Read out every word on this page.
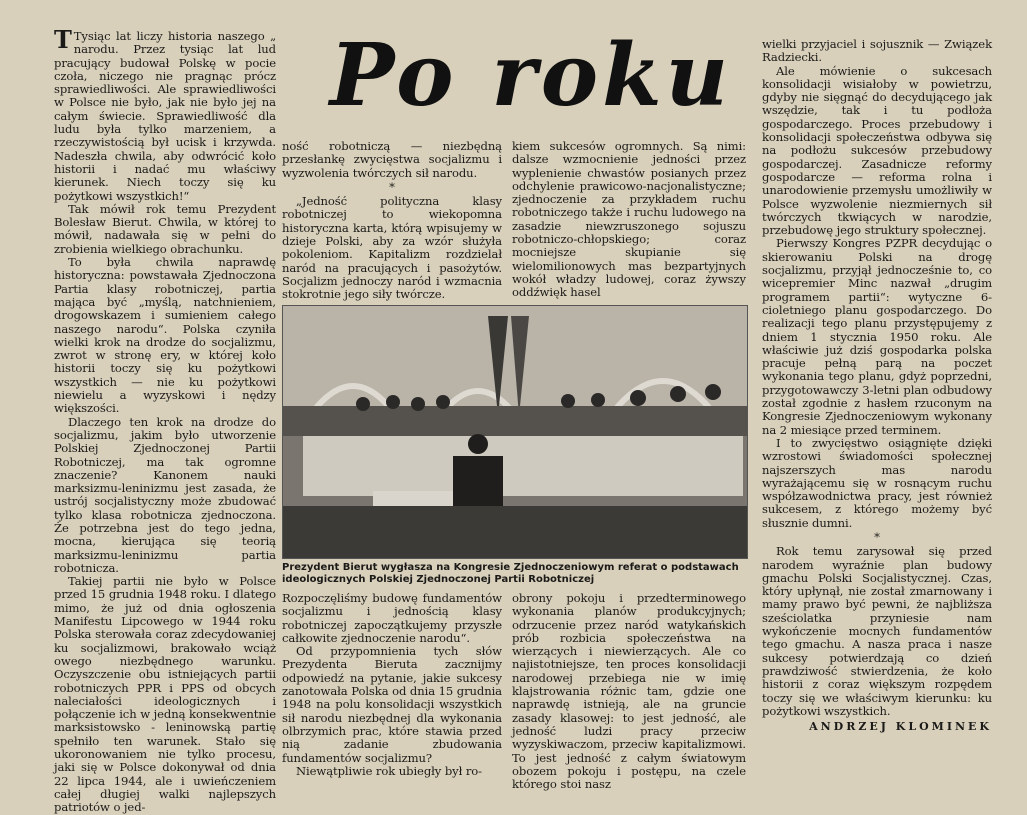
Po roku

T Tysiąc lat liczy historia naszego „ narodu. Przez tysiąc lat lud pracujący budował Polskę w pocie czoła, niczego nie pragnąc prócz sprawiedliwości. Ale sprawiedliwości w Polsce nie było, jak nie było jej na całym świecie. Sprawiedliwość dla ludu była tylko marzeniem, a rzeczywistością był ucisk i krzywda. Nadeszła chwila, aby odwrócić koło historii i nadać mu właściwy kierunek. Niech toczy się ku pożytkowi wszystkich!“

Tak mówił rok temu Prezydent Bolesław Bierut. Chwila, w której to mówił, nadawała się w pełni do zrobienia wielkiego obrachunku.

To była chwila naprawdę historyczna: powstawała Zjednoczona Partia klasy robotniczej, partia mająca być „myślą, natchnieniem, drogowskazem i sumieniem całego naszego narodu“. Polska czyniła wielki krok na drodze do socjalizmu, zwrot w stronę ery, w której koło historii toczy się ku pożytkowi wszystkich — nie ku pożytkowi niewielu a wyzyskowi i nędzy większości.

Dlaczego ten krok na drodze do socjalizmu, jakim było utworzenie Polskiej Zjednoczonej Partii Robotniczej, ma tak ogromne znaczenie? Kanonem nauki marksizmu-leninizmu jest zasada, że ustrój socjalistyczny może zbudować tylko klasa robotnicza zjednoczona. Że potrzebna jest do tego jedna, mocna, kierująca się teorią marksizmu-leninizmu partia robotnicza.

Takiej partii nie było w Polsce przed 15 grudnia 1948 roku. I dlatego mimo, że już od dnia ogłoszenia Manifestu Lipcowego w 1944 roku Polska sterowała coraz zdecydowaniej ku socjalizmowi, brakowało wciąż owego niezbędnego warunku. Oczyszczenie obu istniejących partii robotniczych PPR i PPS od obcych naleciałości ideologicznych i połączenie ich w jedną konsekwentnie marksistowsko - leninowską partię spełniło ten warunek. Stało się ukoronowaniem nie tylko procesu, jaki się w Polsce dokonywał od dnia 22 lipca 1944, ale i uwieńczeniem całej długiej walki najlepszych patriotów o jed-

ność robotniczą — niezbędną przesłankę zwycięstwa socjalizmu i wyzwolenia twórczych sił narodu.

*

„Jedność polityczna klasy robotniczej to wiekopomna historyczna karta, którą wpisujemy w dziejе Polski, aby za wzór służyła pokoleniom. Kapitalizm rozdzielał naród na pracujących i pasożytów. Socjalizm jednoczy naród i wzmacnia stokrotnie jego siły twórcze.

kiem sukcesów ogromnych. Są nimi: dalsze wzmocnienie jedności przez wyplenienie chwastów posianych przez odchylenie prawicowo-nacjonalistyczne; zjednoczenie za przykładem ruchu robotniczego także i ruchu ludowego na zasadzie niewzruszonego sojuszu robotniczo-chłopskiego; coraz mocniejsze skupianie się wielomilionowych mas bezpartyjnych wokół władzy ludowej, coraz żywszy oddźwięk hasel

Prezydent Bierut wygłasza na Kongresie Zjednoczeniowym referat o podstawach ideologicznych Polskiej Zjednoczonej Partii Robotniczej

Rozpoczęliśmy budowę fundamentów socjalizmu i jednością klasy robotniczej zapoczątkujemy przyszłe całkowite zjednoczenie narodu“.

Od przypomnienia tych słów Prezydenta Bieruta zacznijmy odpowiedź na pytanie, jakie sukcesy zanotowała Polska od dnia 15 grudnia 1948 na polu konsolidacji wszystkich sił narodu niezbędnej dla wykonania olbrzymich prac, które stawia przed nią zadanie zbudowania fundamentów socjalizmu?

Niewątpliwie rok ubiegły był ro-

obrony pokoju i przedterminowego wykonania planów produkcyjnych; odrzucenie przez naród watykańskich prób rozbicia społeczeństwa na wierzących i niewierzących. Ale co najistotniejsze, ten proces konsolidacji narodowej przebiega nie w imię klajstrowania różnic tam, gdzie one naprawdę istnieją, ale na gruncie zasady klasowej: to jest jedność, ale jedność ludzi pracy przeciw wyzyskiwaczom, przeciw kapitalizmowi. To jest jedność z całym światowym obozem pokoju i postępu, na czele którego stoi nasz

wielki przyjaciel i sojusznik — Związek Radziecki.

Ale mówienie o sukcesach konsolidacji wisiałoby w powietrzu, gdyby nie sięgnąć do decydującego jak wszędzie, tak i tu podłoża gospodarczego. Proces przebudowy i konsolidacji społeczeństwa odbywa się na podłożu sukcesów przebudowy gospodarczej. Zasadnicze reformy gospodarcze — reforma rolna i unarodowienie przemysłu umożliwiły w Polsce wyzwolenie niezmiernych sił twórczych tkwiących w narodzie, przebudowę jego struktury społecznej.

Pierwszy Kongres PZPR decydując o skierowaniu Polski na drogę socjalizmu, przyjął jednocześnie to, co wicepremier Minc nazwał „drugim programem partii“: wytyczne 6-cioletniego planu gospodarczego. Do realizacji tego planu przystępujemy z dniem 1 stycznia 1950 roku. Ale właściwie już dziś gospodarka polska pracuje pełną parą na poczet wykonania tego planu, gdyż poprzedni, przygotowawczy 3-letni plan odbudowy został zgodnie z hasłem rzuconym na Kongresie Zjednoczeniowym wykonany na 2 miesiące przed terminem.

I to zwycięstwo osiągnięte dzięki wzrostowi świadomości społecznej najszerszych mas narodu wyrażającemu się w rosnącym ruchu współzawodnictwa pracy, jest również sukcesem, z którego możemy być słusznie dumni.

*

Rok temu zarysował się przed narodem wyraźnie plan budowy gmachu Polski Socjalistycznej. Czas, który upłynął, nie został zmarnowany i mamy prawo być pewni, że najbliższa sześciolatka przyniesie nam wykończenie mocnych fundamentów tego gmachu. A nasza praca i nasze sukcesy potwierdzają co dzień prawdziwość stwierdzenia, że koło historii z coraz większym rozpędem toczy się we właściwym kierunku: ku pożytkowi wszystkich.

ANDRZEJ KLOMINEK
